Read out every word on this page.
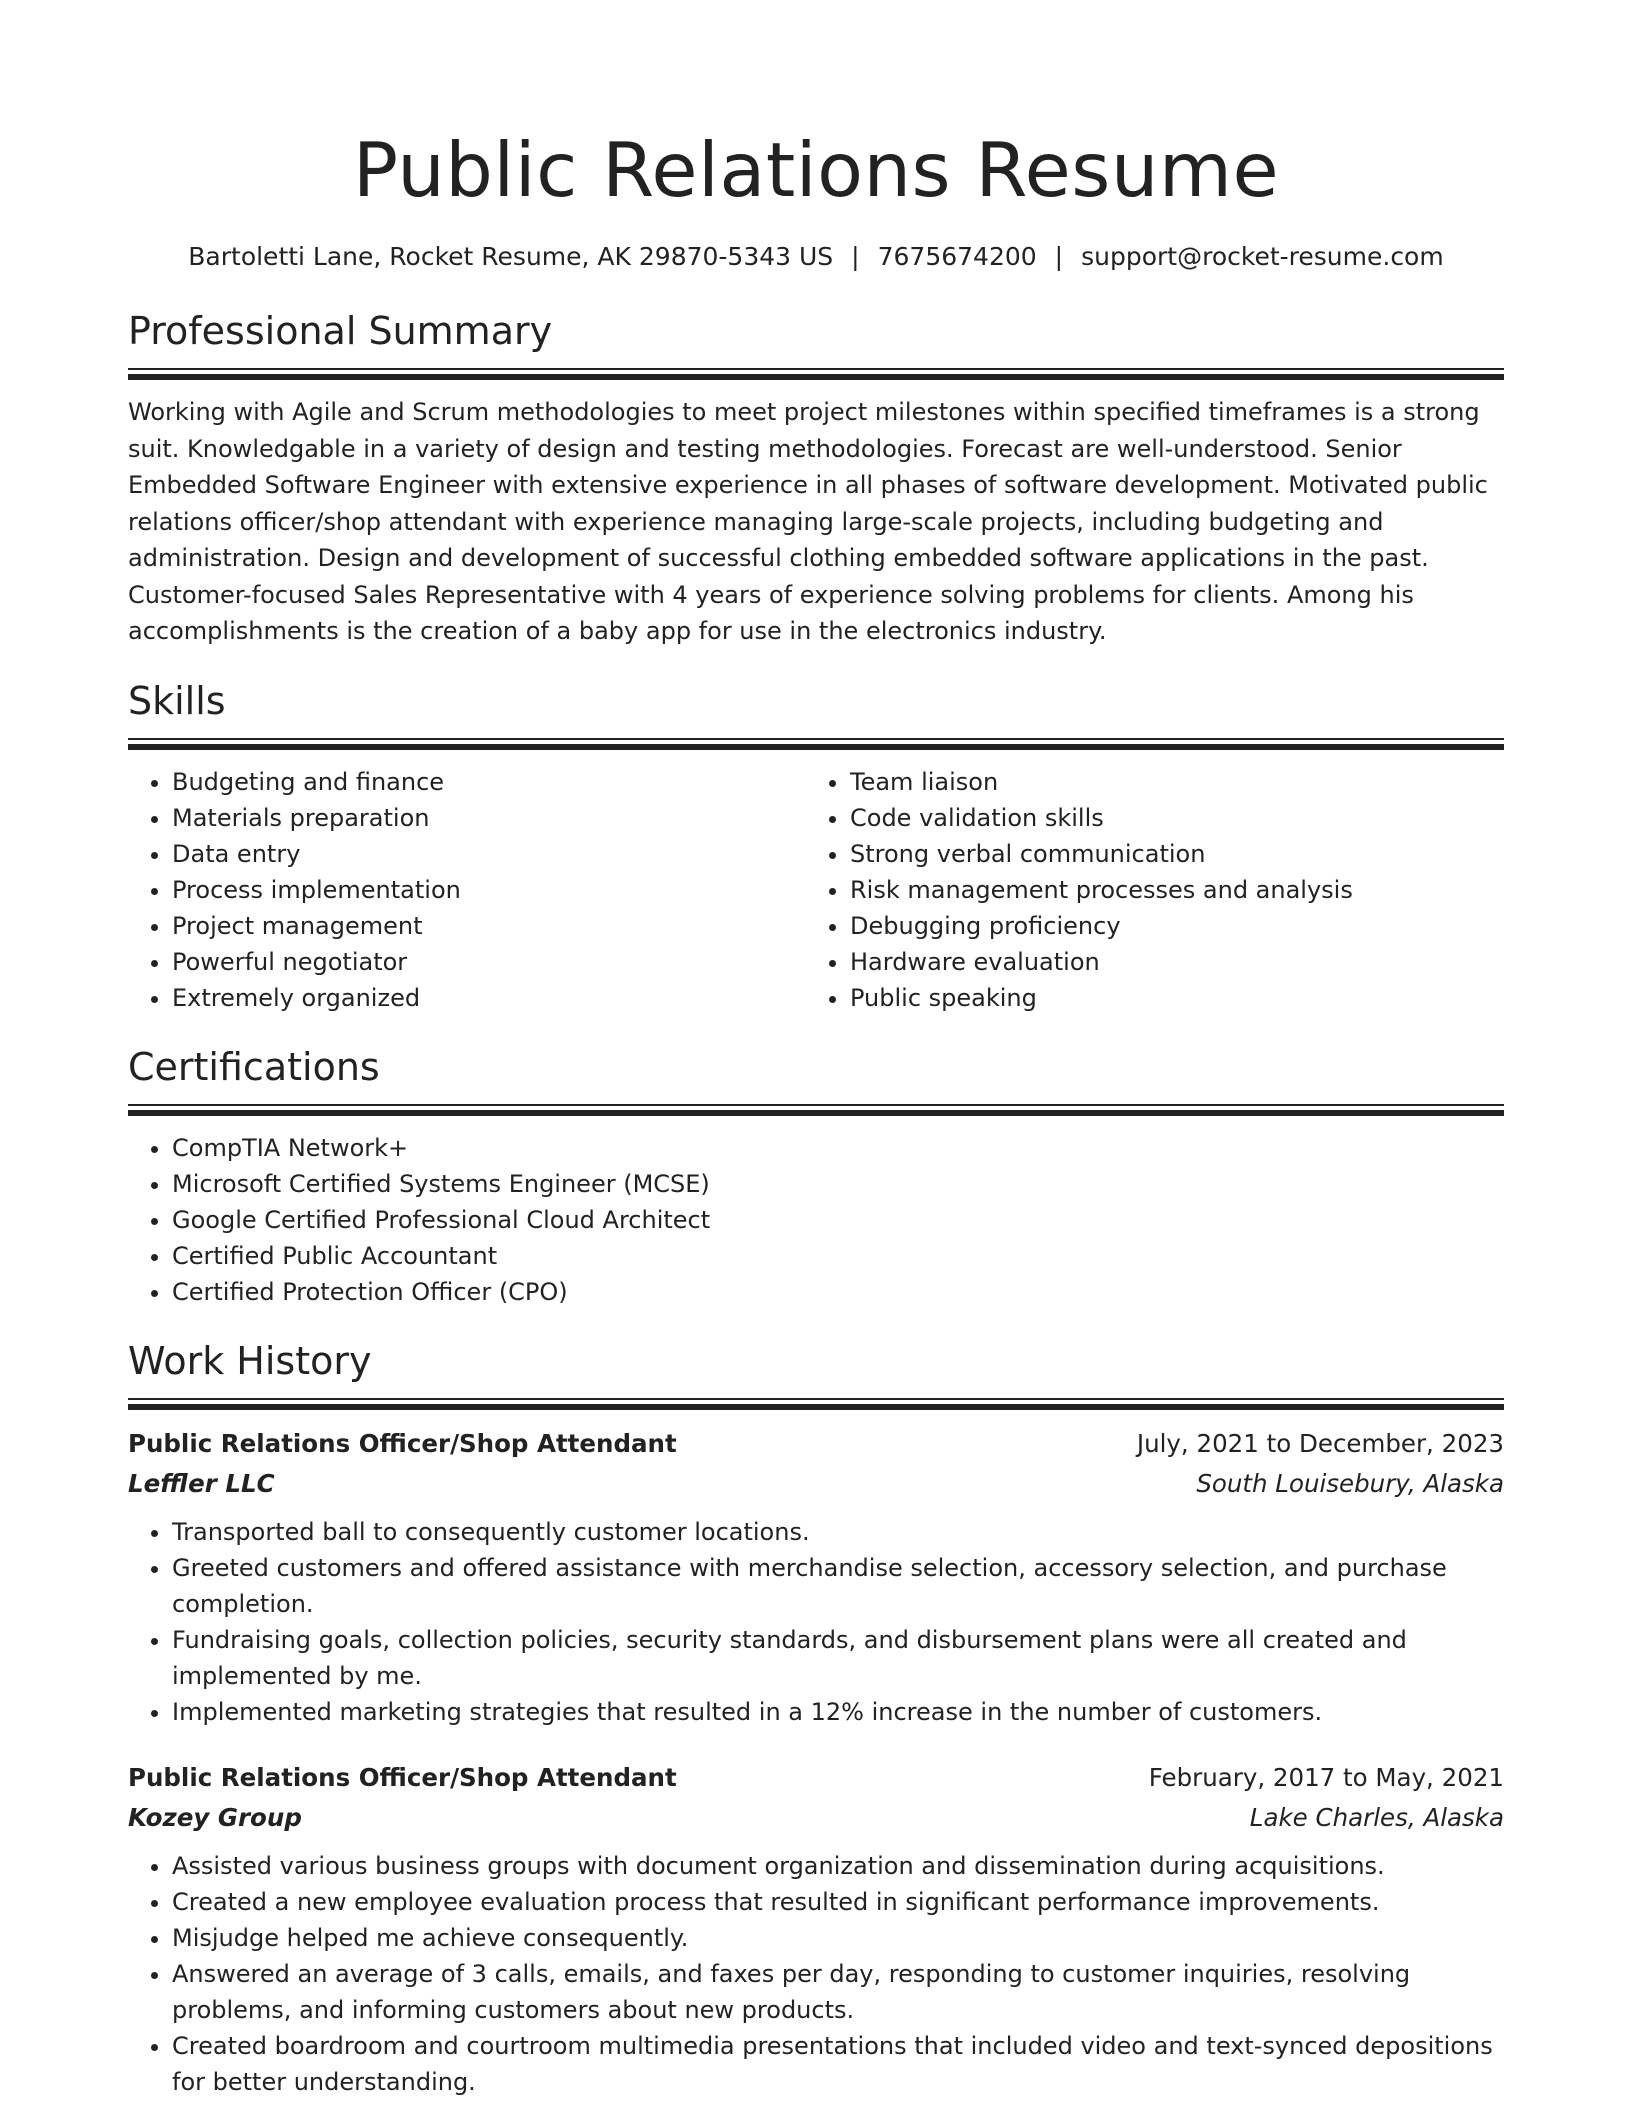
Public Relations Resume
Bartoletti Lane, Rocket Resume, AK 29870-5343 US | 7675674200 | support@rocket-resume.com
Professional Summary
Working with Agile and Scrum methodologies to meet project milestones within specified timeframes is a strong suit. Knowledgable in a variety of design and testing methodologies. Forecast are well-understood. Senior Embedded Software Engineer with extensive experience in all phases of software development. Motivated public relations officer/shop attendant with experience managing large-scale projects, including budgeting and administration. Design and development of successful clothing embedded software applications in the past. Customer-focused Sales Representative with 4 years of experience solving problems for clients. Among his accomplishments is the creation of a baby app for use in the electronics industry.
Skills
• Budgeting and finance
• Materials preparation
• Data entry
• Process implementation
• Project management
• Powerful negotiator
• Extremely organized
• Team liaison
• Code validation skills
• Strong verbal communication
• Risk management processes and analysis
• Debugging proficiency
• Hardware evaluation
• Public speaking
Certifications
• CompTIA Network+
• Microsoft Certified Systems Engineer (MCSE)
• Google Certified Professional Cloud Architect
• Certified Public Accountant
• Certified Protection Officer (CPO)
Work History
Public Relations Officer/Shop Attendant	July, 2021 to December, 2023
Leffler LLC	South Louisebury, Alaska
• Transported ball to consequently customer locations.
• Greeted customers and offered assistance with merchandise selection, accessory selection, and purchase completion.
• Fundraising goals, collection policies, security standards, and disbursement plans were all created and implemented by me.
• Implemented marketing strategies that resulted in a 12% increase in the number of customers.
Public Relations Officer/Shop Attendant	February, 2017 to May, 2021
Kozey Group	Lake Charles, Alaska
• Assisted various business groups with document organization and dissemination during acquisitions.
• Created a new employee evaluation process that resulted in significant performance improvements.
• Misjudge helped me achieve consequently.
• Answered an average of 3 calls, emails, and faxes per day, responding to customer inquiries, resolving problems, and informing customers about new products.
• Created boardroom and courtroom multimedia presentations that included video and text-synced depositions for better understanding.
